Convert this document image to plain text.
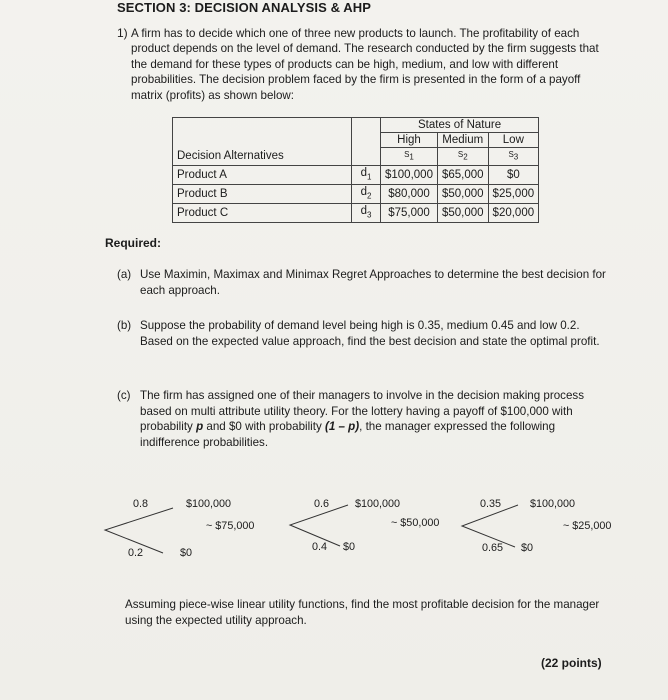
SECTION 3: DECISION ANALYSIS & AHP
1) A firm has to decide which one of three new products to launch. The profitability of each product depends on the level of demand. The research conducted by the firm suggests that the demand for these types of products can be high, medium, and low with different probabilities. The decision problem faced by the firm is presented in the form of a payoff matrix (profits) as shown below:
		States of Nature		
		High	Medium	Low
Decision Alternatives		$S_1$	$S_2$	$S_3$
Product A	$d_1$	$100,000	$65,000	$0
Product B	$d_2$	$80,000	$50,000	$25,000
Product C	$d_3$	$75,000	$50,000	$20,000
Required:
(a) Use Maximin, Maximax and Minimax Regret Approaches to determine the best decision for each approach.
(b) Suppose the probability of demand level being high is 0.35, medium 0.45 and low 0.2. Based on the expected value approach, find the best decision and state the optimal profit.
(c) The firm has assigned one of their managers to involve in the decision making process based on multi attribute utility theory. For the lottery having a payoff of $100,000 with probability p and $0 with probability (1 – p), the manager expressed the following indifference probabilities.
0.8	$100,000
~ $75,000
0.2	$0
0.6 $100,000
~ $50,000
0.4 $0
0.35	$100,000
~ $25,000
0.65 $0
Assuming piece-wise linear utility functions, find the most profitable decision for the manager using the expected utility approach.
(22 points)
